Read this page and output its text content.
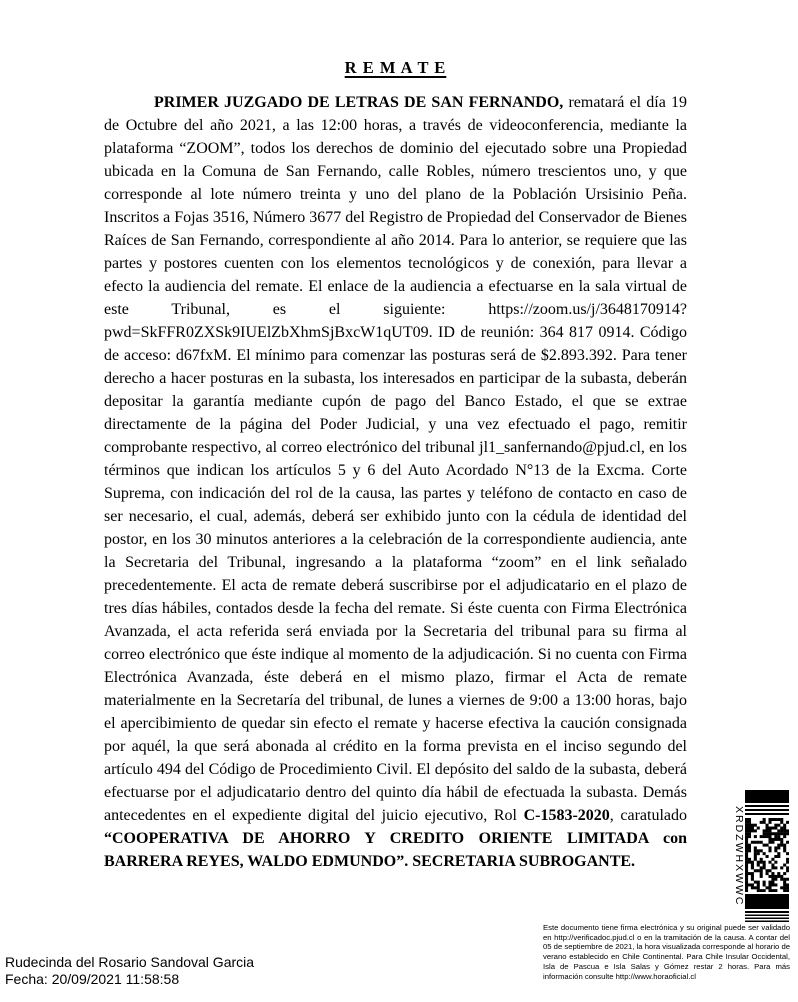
R E M A T E
PRIMER JUZGADO DE LETRAS DE SAN FERNANDO, rematará el día 19 de Octubre del año 2021, a las 12:00 horas, a través de videoconferencia, mediante la plataforma “ZOOM”, todos los derechos de dominio del ejecutado sobre una Propiedad ubicada en la Comuna de San Fernando, calle Robles, número trescientos uno, y que corresponde al lote número treinta y uno del plano de la Población Ursisinio Peña. Inscritos a Fojas 3516, Número 3677 del Registro de Propiedad del Conservador de Bienes Raíces de San Fernando, correspondiente al año 2014. Para lo anterior, se requiere que las partes y postores cuenten con los elementos tecnológicos y de conexión, para llevar a efecto la audiencia del remate. El enlace de la audiencia a efectuarse en la sala virtual de este Tribunal, es el siguiente: https://zoom.us/j/3648170914?pwd=SkFFR0ZXSk9IUElZbXhmSjBxcW1qUT09. ID de reunión: 364 817 0914. Código de acceso: d67fxM. El mínimo para comenzar las posturas será de $2.893.392. Para tener derecho a hacer posturas en la subasta, los interesados en participar de la subasta, deberán depositar la garantía mediante cupón de pago del Banco Estado, el que se extrae directamente de la página del Poder Judicial, y una vez efectuado el pago, remitir comprobante respectivo, al correo electrónico del tribunal jl1_sanfernando@pjud.cl, en los términos que indican los artículos 5 y 6 del Auto Acordado N°13 de la Excma. Corte Suprema, con indicación del rol de la causa, las partes y teléfono de contacto en caso de ser necesario, el cual, además, deberá ser exhibido junto con la cédula de identidad del postor, en los 30 minutos anteriores a la celebración de la correspondiente audiencia, ante la Secretaria del Tribunal, ingresando a la plataforma “zoom” en el link señalado precedentemente. El acta de remate deberá suscribirse por el adjudicatario en el plazo de tres días hábiles, contados desde la fecha del remate. Si éste cuenta con Firma Electrónica Avanzada, el acta referida será enviada por la Secretaria del tribunal para su firma al correo electrónico que éste indique al momento de la adjudicación. Si no cuenta con Firma Electrónica Avanzada, éste deberá en el mismo plazo, firmar el Acta de remate materialmente en la Secretaría del tribunal, de lunes a viernes de 9:00 a 13:00 horas, bajo el apercibimiento de quedar sin efecto el remate y hacerse efectiva la caución consignada por aquél, la que será abonada al crédito en la forma prevista en el inciso segundo del artículo 494 del Código de Procedimiento Civil. El depósito del saldo de la subasta, deberá efectuarse por el adjudicatario dentro del quinto día hábil de efectuada la subasta. Demás antecedentes en el expediente digital del juicio ejecutivo, Rol C-1583-2020, caratulado “COOPERATIVA DE AHORRO Y CREDITO ORIENTE LIMITADA con BARRERA REYES, WALDO EDMUNDO”. SECRETARIA SUBROGANTE.
Rudecinda del Rosario Sandoval Garcia
Fecha: 20/09/2021 11:58:58
XRDZWHXWWC
Este documento tiene firma electrónica y su original puede ser validado en http://verificadoc.pjud.cl o en la tramitación de la causa. A contar del 05 de septiembre de 2021, la hora visualizada corresponde al horario de verano establecido en Chile Continental. Para Chile Insular Occidental, Isla de Pascua e Isla Salas y Gómez restar 2 horas. Para más información consulte http://www.horaoficial.cl
